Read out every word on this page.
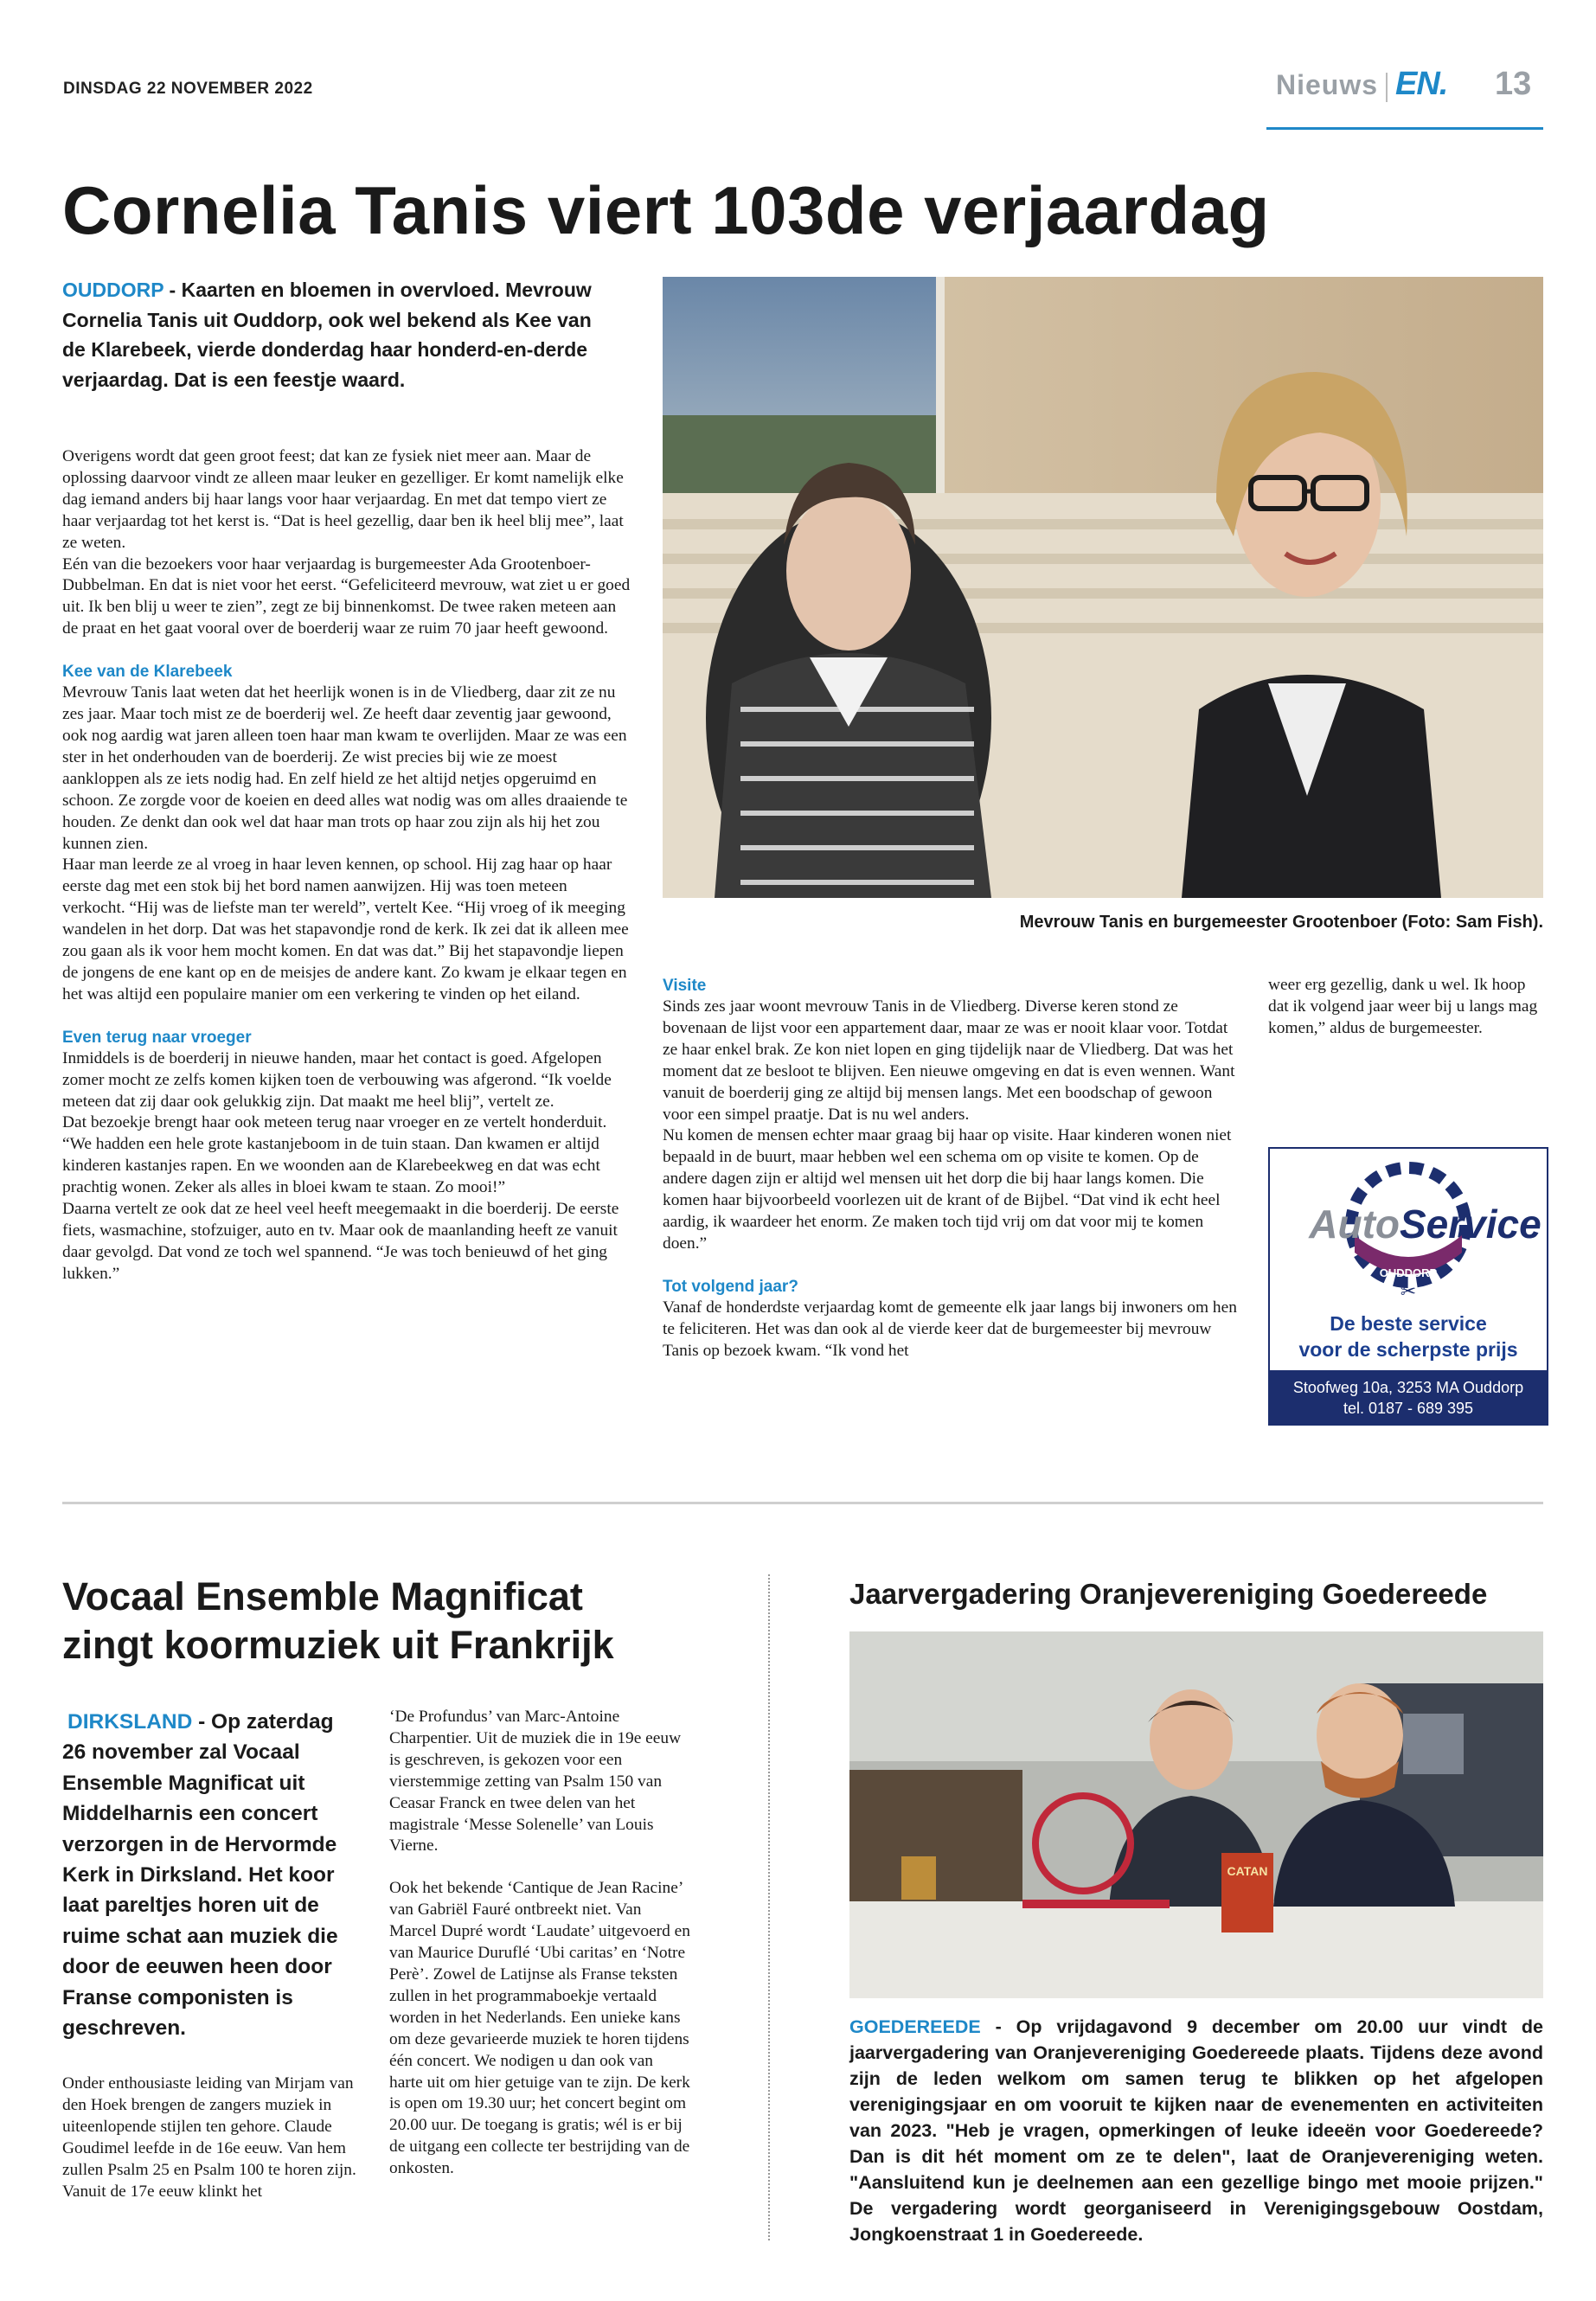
DINSDAG 22 NOVEMBER 2022	Nieuws EN. 13
Cornelia Tanis viert 103de verjaardag
OUDDORP - Kaarten en bloemen in overvloed. Mevrouw Cornelia Tanis uit Ouddorp, ook wel bekend als Kee van de Klarebeek, vierde donderdag haar honderd-en-derde verjaardag. Dat is een feestje waard.

Overigens wordt dat geen groot feest; dat kan ze fysiek niet meer aan. Maar de oplossing daarvoor vindt ze alleen maar leuker en gezelliger. Er komt namelijk elke dag iemand anders bij haar langs voor haar verjaardag. En met dat tempo viert ze haar verjaardag tot het kerst is. “Dat is heel gezellig, daar ben ik heel blij mee”, laat ze weten.

Eén van die bezoekers voor haar verjaardag is burgemeester Ada Grootenboer-Dubbelman. En dat is niet voor het eerst. “Gefeliciteerd mevrouw, wat ziet u er goed uit. Ik ben blij u weer te zien”, zegt ze bij binnenkomst. De twee raken meteen aan de praat en het gaat vooral over de boerderij waar ze ruim 70 jaar heeft gewoond.

Kee van de Klarebeek

Mevrouw Tanis laat weten dat het heerlijk wonen is in de Vliedberg, daar zit ze nu zes jaar. Maar toch mist ze de boerderij wel. Ze heeft daar zeventig jaar gewoond, ook nog aardig wat jaren alleen toen haar man kwam te overlijden. Maar ze was een ster in het onderhouden van de boerderij. Ze wist precies bij wie ze moest aankloppen als ze iets nodig had. En zelf hield ze het altijd netjes opgeruimd en schoon. Ze zorgde voor de koeien en deed alles wat nodig was om alles draaiende te houden. Ze denkt dan ook wel dat haar man trots op haar zou zijn als hij het zou kunnen zien.

Haar man leerde ze al vroeg in haar leven kennen, op school. Hij zag haar op haar eerste dag met een stok bij het bord namen aanwijzen. Hij was toen meteen verkocht. “Hij was de liefste man ter wereld”, vertelt Kee. “Hij vroeg of ik meeging wandelen in het dorp. Dat was het stapavondje rond de kerk. Ik zei dat ik alleen mee zou gaan als ik voor hem mocht komen. En dat was dat.” Bij het stapavondje liepen de jongens de ene kant op en de meisjes de andere kant. Zo kwam je elkaar tegen en het was altijd een populaire manier om een verkering te vinden op het eiland.

Even terug naar vroeger

Inmiddels is de boerderij in nieuwe handen, maar het contact is goed. Afgelopen zomer mocht ze zelfs komen kijken toen de verbouwing was afgerond. “Ik voelde meteen dat zij daar ook gelukkig zijn. Dat maakt me heel blij”, vertelt ze.

Dat bezoekje brengt haar ook meteen terug naar vroeger en ze vertelt honderduit. “We hadden een hele grote kastanjeboom in de tuin staan. Dan kwamen er altijd kinderen kastanjes rapen. En we woonden aan de Klarebeekweg en dat was echt prachtig wonen. Zeker als alles in bloei kwam te staan. Zo mooi!”

Daarna vertelt ze ook dat ze heel veel heeft meegemaakt in die boerderij. De eerste fiets, wasmachine, stofzuiger, auto en tv. Maar ook de maanlanding heeft ze vanuit daar gevolgd. Dat vond ze toch wel spannend. “Je was toch benieuwd of het ging lukken.”

Mevrouw Tanis en burgemeester Grootenboer (Foto: Sam Fish).

Visite

Sinds zes jaar woont mevrouw Tanis in de Vliedberg. Diverse keren stond ze bovenaan de lijst voor een appartement daar, maar ze was er nooit klaar voor. Totdat ze haar enkel brak. Ze kon niet lopen en ging tijdelijk naar de Vliedberg. Dat was het moment dat ze besloot te blijven. Een nieuwe omgeving en dat is even wennen. Want vanuit de boerderij ging ze altijd bij mensen langs. Met een boodschap of gewoon voor een simpel praatje. Dat is nu wel anders.

Nu komen de mensen echter maar graag bij haar op visite. Haar kinderen wonen niet bepaald in de buurt, maar hebben wel een schema om op visite te komen. Op de andere dagen zijn er altijd wel mensen uit het dorp die bij haar langs komen. Die komen haar bijvoorbeeld voorlezen uit de krant of de Bijbel. “Dat vind ik echt heel aardig, ik waardeer het enorm. Ze maken toch tijd vrij om dat voor mij te komen doen.”

Tot volgend jaar?

Vanaf de honderdste verjaardag komt de gemeente elk jaar langs bij inwoners om hen te feliciteren. Het was dan ook al de vierde keer dat de burgemeester bij mevrouw Tanis op bezoek kwam. “Ik vond het

weer erg gezellig, dank u wel. Ik hoop dat ik volgend jaar weer bij u langs mag komen,” aldus de burgemeester.

OUDDORP
Auto Service
✂
De beste service
voor de scherpste prijs
Stoofweg 10a, 3253 MA Ouddorp
tel. 0187 - 689 395
Vocaal Ensemble Magnificat
zingt koormuziek uit Frankrijk
DIRKSLAND - Op zaterdag 26 november zal Vocaal Ensemble Magnificat uit Middelharnis een concert verzorgen in de Hervormde Kerk in Dirksland. Het koor laat pareltjes horen uit de ruime schat aan muziek die door de eeuwen heen door Franse componisten is geschreven.

Onder enthousiaste leiding van Mirjam van den Hoek brengen de zangers muziek in uiteenlopende stijlen ten gehore. Claude Goudimel leefde in de 16e eeuw. Van hem zullen Psalm 25 en Psalm 100 te horen zijn. Vanuit de 17e eeuw klinkt het

‘De Profundus’ van Marc-Antoine Charpentier. Uit de muziek die in 19e eeuw is geschreven, is gekozen voor een vierstemmige zetting van Psalm 150 van Ceasar Franck en twee delen van het magistrale ‘Messe Solenelle’ van Louis Vierne.

Ook het bekende ‘Cantique de Jean Racine’ van Gabriël Fauré ontbreekt niet. Van Marcel Dupré wordt ‘Laudate’ uitgevoerd en van Maurice Duruflé ‘Ubi caritas’ en ‘Notre Perè’. Zowel de Latijnse als Franse teksten zullen in het programmaboekje vertaald worden in het Nederlands. Een unieke kans om deze gevarieerde muziek te horen tijdens één concert. We nodigen u dan ook van harte uit om hier getuige van te zijn. De kerk is open om 19.30 uur; het concert begint om 20.00 uur. De toegang is gratis; wél is er bij de uitgang een collecte ter bestrijding van de onkosten.

Jaarvergadering Oranjevereniging Goedereede
CATAN
GOEDEREEDE - Op vrijdagavond 9 december om 20.00 uur vindt de jaarvergadering van Oranjevereniging Goedereede plaats. Tijdens deze avond zijn de leden welkom om samen terug te blikken op het afgelopen verenigingsjaar en om vooruit te kijken naar de evenementen en activiteiten van 2023. "Heb je vragen, opmerkingen of leuke ideeën voor Goedereede? Dan is dit hét moment om ze te delen", laat de Oranjevereniging weten. "Aansluitend kun je deelnemen aan een gezellige bingo met mooie prijzen." De vergadering wordt georganiseerd in Verenigingsgebouw Oostdam, Jongkoenstraat 1 in Goedereede.
